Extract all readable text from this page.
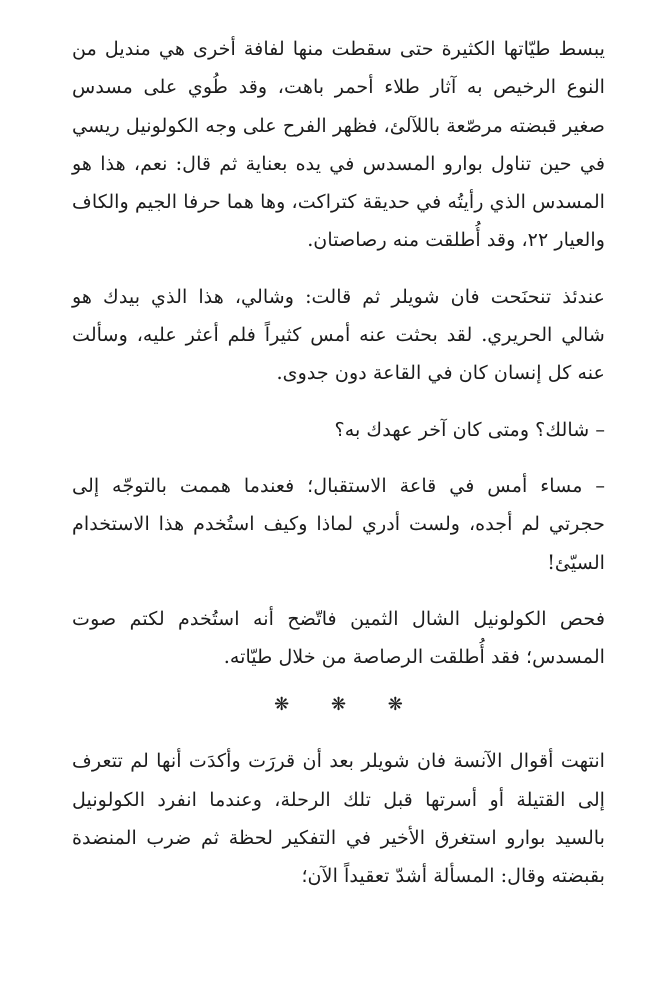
يبسط طيّاتها الكثيرة حتى سقطت منها لفافة أخرى هي منديل من النوع الرخيص به آثار طلاء أحمر باهت، وقد طُوي على مسدس صغير قبضته مرصّعة باللآلئ، فظهر الفرح على وجه الكولونيل ريسي في حين تناول بوارو المسدس في يده بعناية ثم قال: نعم، هذا هو المسدس الذي رأيتُه في حديقة كتراكت، وها هما حرفا الجيم والكاف والعيار ٢٢، وقد أُطلقت منه رصاصتان.

عندئذ تنحنَحت فان شويلر ثم قالت: وشالي، هذا الذي بيدك هو شالي الحريري. لقد بحثت عنه أمس كثيراً فلم أعثر عليه، وسألت عنه كل إنسان كان في القاعة دون جدوى.

– شالك؟ ومتى كان آخر عهدك به؟

– مساء أمس في قاعة الاستقبال؛ فعندما هممت بالتوجّه إلى حجرتي لم أجده، ولست أدري لماذا وكيف استُخدم هذا الاستخدام السيّئ!

فحص الكولونيل الشال الثمين فاتّضح أنه استُخدم لكتم صوت المسدس؛ فقد أُطلقت الرصاصة من خلال طيّاته.

❋ ❋ ❋

انتهت أقوال الآنسة فان شويلر بعد أن قررَت وأكدَت أنها لم تتعرف إلى القتيلة أو أسرتها قبل تلك الرحلة، وعندما انفرد الكولونيل بالسيد بوارو استغرق الأخير في التفكير لحظة ثم ضرب المنضدة بقبضته وقال: المسألة أشدّ تعقيداً الآن؛
